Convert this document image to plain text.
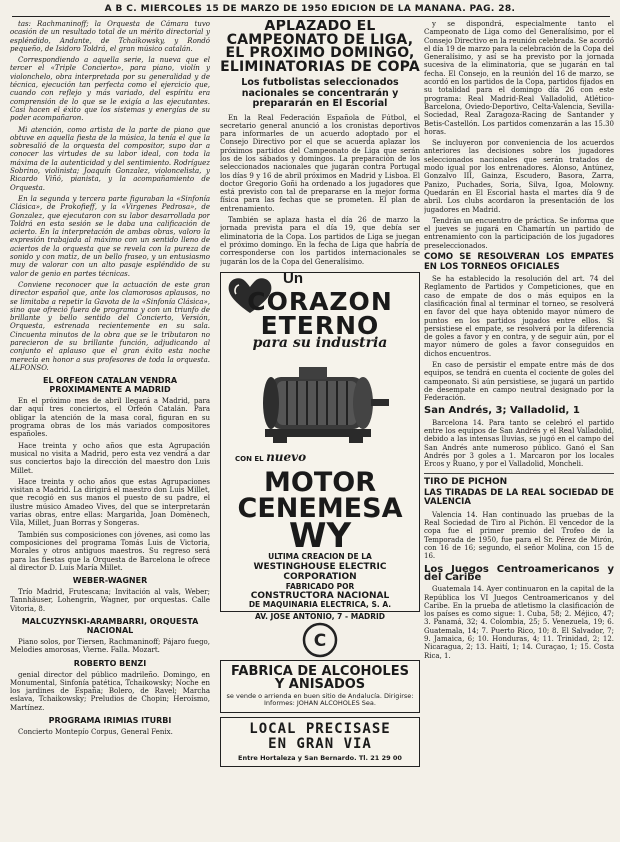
A B C. MIERCOLES 15 DE MARZO DE 1950 EDICION DE LA MAÑANA. PAG. 28.

tas: Rachmaninoff; la Orquesta de Cámara tuvo ocasión de un resultado total de un mérito directorial y espléndido, Andante, de Tchaikowsky, y Rondó pequeño, de Isidoro Toldrá, el gran músico catalán.

Correspondiendo a aquella serie, la nueva que el tercer el «Triple Concierto», para piano, violín y violonchelo, obra interpretada por su generalidad y de técnica, ejecución tan perfecta como el ejercicio que, cuando con reflejo y más variado, del espíritu era comprensión de lo que se le exigía a las ejecutantes. Casi hacen el éxito que los sistemas y energías de su poder acompañaron.

Mi atención, como artista de la parte de piano que obtuve en aquella fiesta de la música, la tenía el que la sobresalió de la orquesta del compositor, supo dar a conocer las virtudes de su labor ideal, con toda la máxima de la autenticidad y del sentimiento. Rodríguez Sobrino, violinista; Joaquín Gonzalez, violoncelista, y Ricardo Viñó, pianista, y la acompañamiento de Orquesta.

En la segunda y tercera parte figuraban la «Sinfonía Clásica», de Prokofieff, y la «Virgenes Pedrosa», de Gonzalez, que ejecutaron con su labor desarrollada por Toldrá en esta sesión se le daba una calificación de acierto. En la interpretación de ambas obras, valoro la expresión trabajada al máximo con un sentido lleno de aciertos de la orquesta que se revela con la pureza de sonido y con matiz, de un bello fraseo, y un entusiasmo muy de valorar con un alto pasaje espléndido de su valor de genio en partes técnicas.

Conviene reconocer que la actuación de este gran director español que, ante los clamorosos aplausos, no se limitaba a repetir la Gavota de la «Sinfonía Clásica», sino que ofreció fuera de programa y con un triunfo de brillante y bello sentido del Concierto, Versión, Orquesta, estrenada recientemente en su sala. Cincuenta minutos de la obra que se le tributaron no parecieron de su brillante función, adjudicando al conjunto el aplauso que el gran éxito esta noche merecía en honor a sus profesores de toda la orquesta. ALFONSO.

EL ORFEON CATALAN VENDRA PROXIMAMENTE A MADRID

En el próximo mes de abril llegará a Madrid, para dar aquí tres conciertos, el Orfeón Catalán. Para obligar la atención de la masa coral, figuran en su programa obras de los más variados compositores españoles.

Hace treinta y ocho años que esta Agrupación musical no visita a Madrid, pero esta vez vendrá a dar sus conciertos bajo la dirección del maestro don Luis Millet.

Hace treinta y ocho años que estas Agrupaciones visitan a Madrid. La dirigirá el maestro don Luis Millet, que recogió en sus manos el puesto de su padre, el ilustre músico Amadeo Vives, del que se interpretarán varias obras, entre ellas: Margarida, Joan Domènech, Vila, Millet, Juan Borras y Songeras.

También sus composiciones con jóvenes, asi como las composiciones del programa Tomás Luis de Victoria, Morales y otros antiguos maestros. Su regreso será para las fiestas que la Orquesta de Barcelona le ofrece al director D. Luis María Millet.

WEBER-WAGNER

Trío Madrid, Frutescana; Invitación al vals, Weber; Tannhäuser, Lohengrin, Wagner, por orquestas. Calle Vitoria, 8.

MALCUZYNSKI-ARAMBARRI, ORQUESTA NACIONAL

Piano solos, por Tiersen, Rachmaninoff; Pájaro fuego, Melodies amorosas, Vierne. Falla. Mozart.

ROBERTO BENZI

genial director del público madrileño. Domingo, en Monumental, Sinfonía patética, Tchaikowsky; Noche en los jardines de España; Bolero, de Ravel; Marcha eslava, Tchaikowsky; Preludios de Chopin; Heroísmo, Martínez.

PROGRAMA IRIMIAS ITURBI

Concierto Montepío Corpus, General Fenix.

APLAZADO EL CAMPEONATO DE LIGA, EL PROXIMO DOMINGO, ELIMINATORIAS DE COPA
Los futbolistas seleccionados nacionales se concentrarán y prepararán en El Escorial

En la Real Federación Española de Fútbol, el secretario general anunció a los cronistas deportivos para informarles de un acuerdo adoptado por el Consejo Directivo por el que se acuerda aplazar los próximos partidos del Campeonato de Liga que serán los de los sábados y domingos. La preparación de los seleccionados nacionales que jugarán contra Portugal los días 9 y 16 de abril próximos en Madrid y Lisboa. El doctor Gregorio Goñi ha ordenado a los jugadores que está previsto con tal de prepararse en la mejor forma física para las fechas que se prometen. El plan de entrenamiento.

También se aplaza hasta el día 26 de marzo la jornada prevista para el día 19, que debía ser eliminatoria de la Copa. Los partidos de Liga se juegan el próximo domingo. En la fecha de Liga que habría de corresponderse con los partidos internacionales se jugarán los de la Copa del Generalísimo.

Un
CORAZON
ETERNO
para su industria
CON EL nuevo
MOTOR
CENEMESA
WY
ULTIMA CREACION DE LA
WESTINGHOUSE ELECTRIC
CORPORATION
FABRICADO POR
CONSTRUCTORA NACIONAL
DE MAQUINARIA ELECTRICA, S. A.
AV. JOSE ANTONIO, 7 - MADRID
C
FABRICA DE ALCOHOLES
Y ANISADOS
se vende o arrienda en buen sitio de Andalucía. Dirigirse: Informes: JOHAN ALCOHOLES Sea.
LOCAL PRECISASE
EN GRAN VIA
Entre Hortaleza y San Bernardo. Tl. 21 29 00

y se dispondrá, especialmente tanto el Campeonato de Liga como del Generalísimo, por el Consejo Directivo en la reunión celebrada. Se acordó el día 19 de marzo para la celebración de la Copa del Generalísimo, y así se ha previsto por la jornada sucesiva de la eliminatoria, que se jugarán en tal fecha. El Consejo, en la reunión del 16 de marzo, se acordó en los partidos de la Copa, partidos fijados en su totalidad para el domingo día 26 con este programa: Real Madrid-Real Valladolid, Atlético-Barcelona, Oviedo-Deportivo, Celta-Valencia, Sevilla-Sociedad, Real Zaragoza-Racing de Santander y Betis-Castellón. Los partidos comenzarán a las 15.30 horas.

Se incluyeron por conveniencia de los acuerdos anteriores las decisiones sobre los jugadores seleccionados nacionales que serán tratados de modo igual por los entrenadores. Alonso, Antúnez, Gonzalvo III, Gainza, Escudero, Basora, Zarra, Panizo, Puchades, Soria, Silva, Igoa, Molowny. Quedarán en El Escorial hasta el martes día 9 de abril. Los clubs acordaron la presentación de los jugadores en Madrid.

Tendrán un encuentro de práctica. Se informa que el jueves se jugará en Chamartín un partido de entrenamiento con la participación de los jugadores preseleccionados.

COMO SE RESOLVERAN LOS EMPATES EN LOS TORNEOS OFICIALES

Se ha establecido la resolución del art. 74 del Reglamento de Partidos y Competiciones, que en caso de empate de dos o más equipos en la clasificación final al terminar el torneo, se resolverá en favor del que haya obtenido mayor número de puntos en los partidos jugados entre ellos. Si persistiese el empate, se resolverá por la diferencia de goles a favor y en contra, y de seguir aún, por el mayor número de goles a favor conseguidos en dichos encuentros.

En caso de persistir el empate entre más de dos equipos, se tendrá en cuenta el cociente de goles del campeonato. Si aún persistiese, se jugará un partido de desempate en campo neutral designado por la Federación.

San Andrés, 3; Valladolid, 1

Barcelona 14. Para tanto se celebró el partido entre los equipos de San Andrés y el Real Valladolid, debido a las intensas lluvias, se jugó en el campo del San Andrés ante numeroso público. Ganó el San Andrés por 3 goles a 1. Marcaron por los locales Ercos y Ruano, y por el Valladolid, Moncheli.

TIRO DE PICHON
LAS TIRADAS DE LA REAL SOCIEDAD DE VALENCIA

Valencia 14. Han continuado las pruebas de la Real Sociedad de Tiro al Pichón. El vencedor de la copa fue el primer premio del Trofeo de la Temporada de 1950, fue para el Sr. Pérez de Mirón, con 16 de 16; segundo, el señor Molina, con 15 de 16.

Los Juegos Centroamericanos y del Caribe

Guatemala 14. Ayer continuaron en la capital de la República los VI Juegos Centroamericanos y del Caribe. En la prueba de atletismo la clasificación de los países es como sigue: 1. Cuba, 58; 2. Méjico, 47; 3. Panamá, 32; 4. Colombia, 25; 5. Venezuela, 19; 6. Guatemala, 14; 7. Puerto Rico, 10; 8. El Salvador, 7; 9. Jamaica, 6; 10. Honduras, 4; 11. Trinidad, 2; 12. Nicaragua, 2; 13. Haití, 1; 14. Curaçao, 1; 15. Costa Rica, 1.
